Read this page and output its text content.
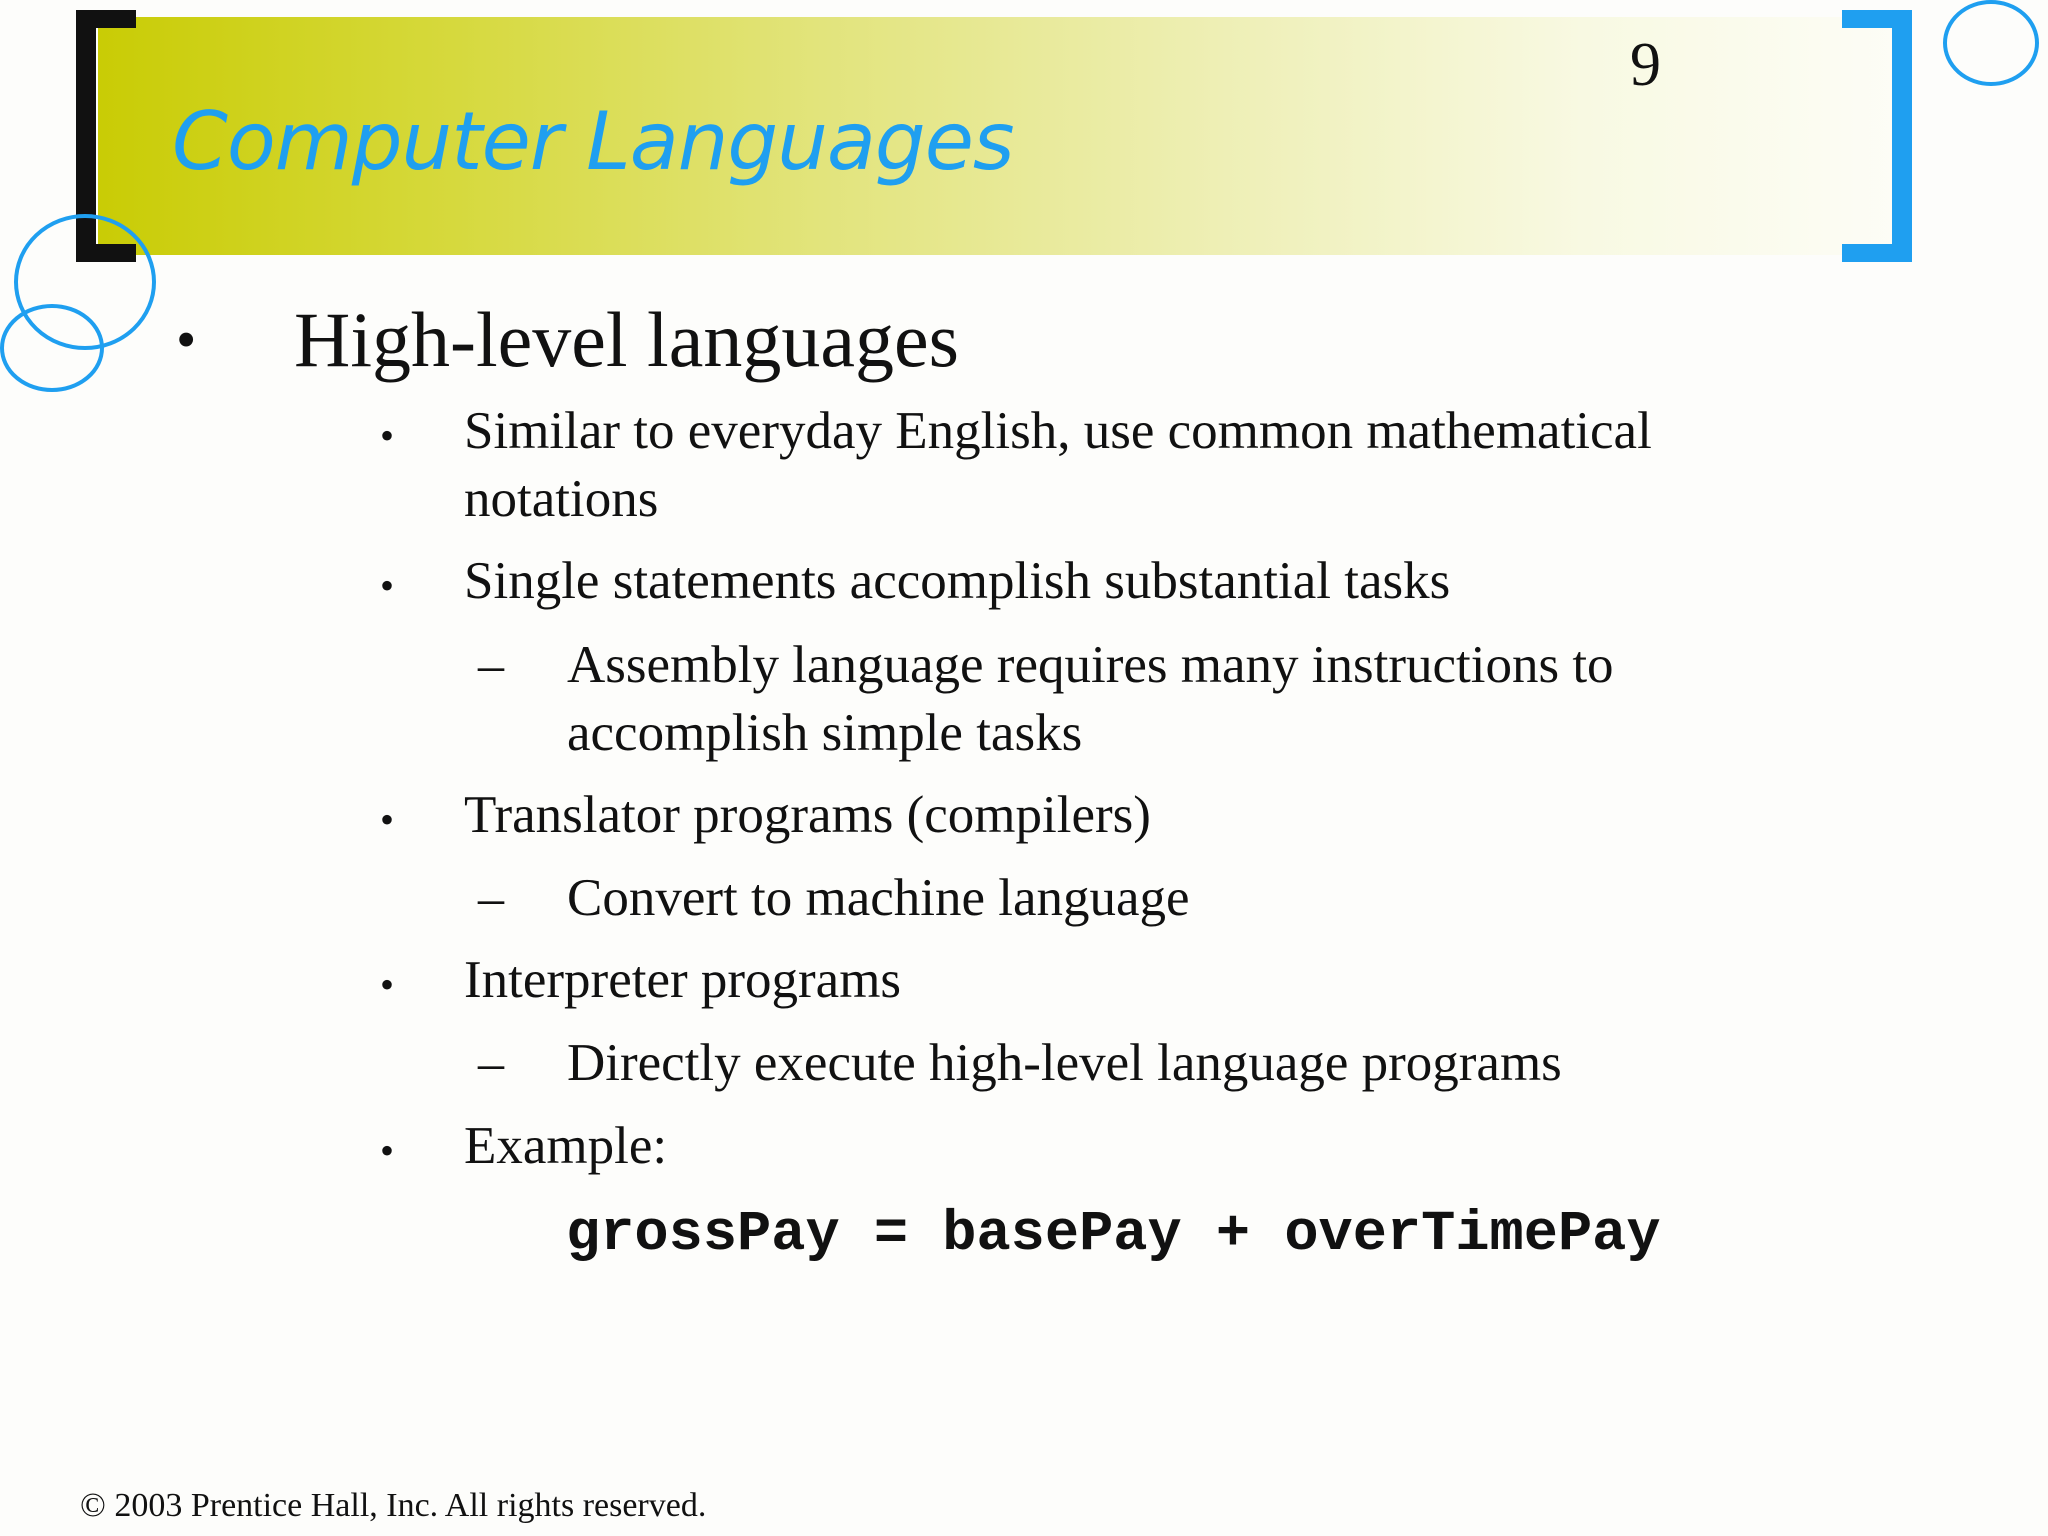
Computer Languages
9
• High-level languages
• Similar to everyday English, use common mathematical
notations
• Single statements accomplish substantial tasks
– Assembly language requires many instructions to
accomplish simple tasks
• Translator programs (compilers)
– Convert to machine language
• Interpreter programs
– Directly execute high-level language programs
• Example:
grossPay = basePay + overTimePay
© 2003 Prentice Hall, Inc. All rights reserved.
